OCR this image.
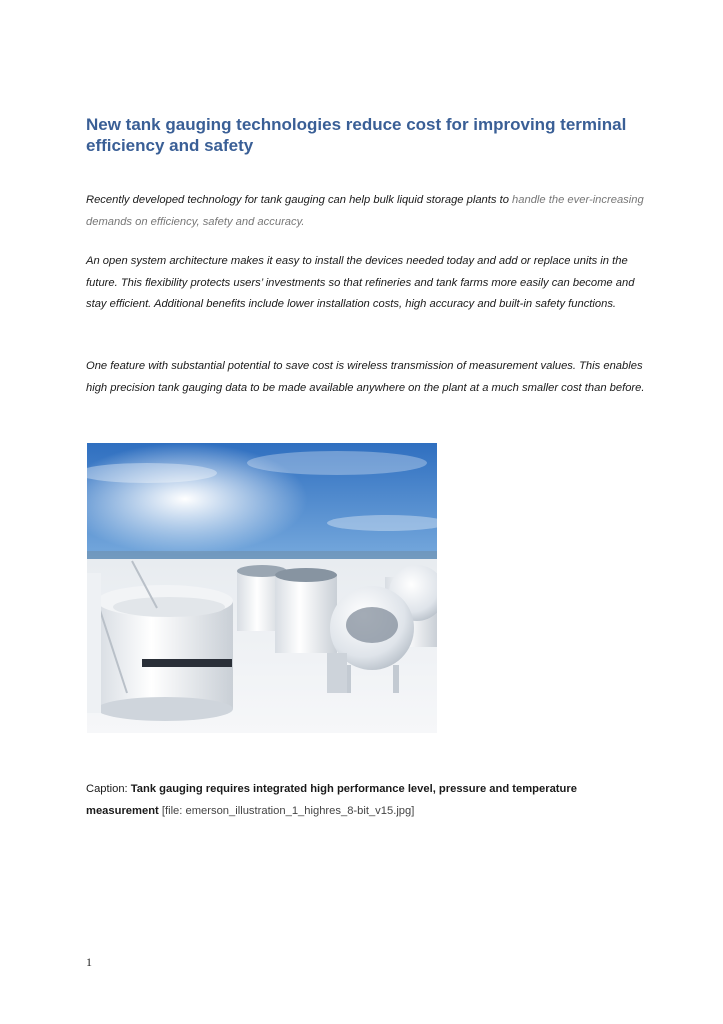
New tank gauging technologies reduce cost for improving terminal efficiency and safety

Recently developed technology for tank gauging can help bulk liquid storage plants to handle the ever-increasing demands on efficiency, safety and accuracy.

An open system architecture makes it easy to install the devices needed today and add or replace units in the future. This flexibility protects users’ investments so that refineries and tank farms more easily can become and stay efficient. Additional benefits include lower installation costs, high accuracy and built-in safety functions.

One feature with substantial potential to save cost is wireless transmission of measurement values. This enables high precision tank gauging data to be made available anywhere on the plant at a much smaller cost than before.

Caption: Tank gauging requires integrated high performance level, pressure and temperature measurement [file: emerson_illustration_1_highres_8-bit_v15.jpg]

1
